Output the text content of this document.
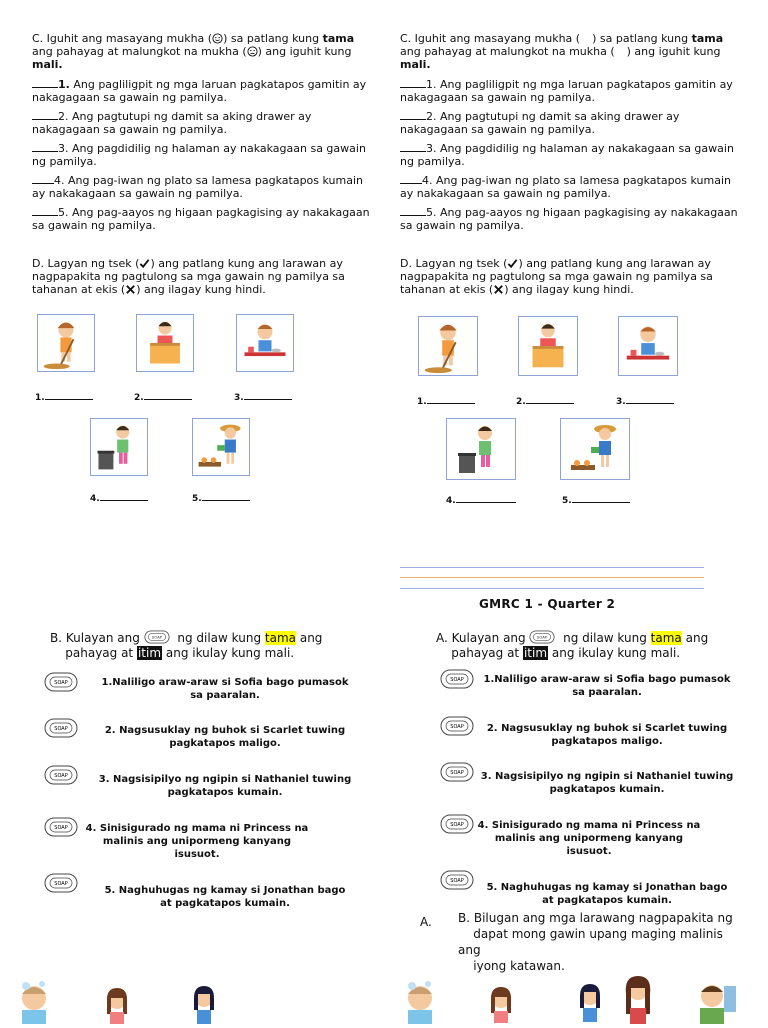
C. Iguhit ang masayang mukha ( ) sa patlang kung tama
ang pahayag at malungkot na mukha ( ) ang iguhit kung
mali.

1. Ang pagliligpit ng mga laruan pagkatapos gamitin ay nakagagaan sa gawain ng pamilya.
2. Ang pagtutupi ng damit sa aking drawer ay nakagagaan sa gawain ng pamilya.
3. Ang pagdidilig ng halaman ay nakakagaan sa gawain ng pamilya.
4. Ang pag-iwan ng plato sa lamesa pagkatapos kumain ay nakakagaan sa gawain ng pamilya.
5. Ang pag-aayos ng higaan pagkagising ay nakakagaan sa gawain ng pamilya.

D. Lagyan ng tsek ( ) ang patlang kung ang larawan ay
nagpapakita ng pagtulong sa mga gawain ng pamilya sa
tahanan at ekis ( ) ang ilagay kung hindi.

1.	2.	3.
4.	5.
B. Kulayan ang	SOAP ng dilaw kung tama ang
pahayag at itim ang ikulay kung mali.
SOAP	1.Naliligo araw-araw si Sofia bago pumasok
sa paaralan.
SOAP	2. Nagsusuklay ng buhok si Scarlet tuwing
pagkatapos maligo.
SOAP	3. Nagsisipilyo ng ngipin si Nathaniel tuwing
pagkatapos kumain.
SOAP	4. Sinisigurado ng mama ni Princess na
malinis ang unipormeng kanyang
isusuot.
SOAP
5. Naghuhugas ng kamay si Jonathan bago
at pagkatapos kumain.

C. Iguhit ang masayang mukha ( ) sa patlang kung tama
ang pahayag at malungkot na mukha ( ) ang iguhit kung
mali.

1. Ang pagliligpit ng mga laruan pagkatapos gamitin ay nakagagaan sa gawain ng pamilya.
2. Ang pagtutupi ng damit sa aking drawer ay nakagagaan sa gawain ng pamilya.
3. Ang pagdidilig ng halaman ay nakakagaan sa gawain ng pamilya.
4. Ang pag-iwan ng plato sa lamesa pagkatapos kumain ay nakakagaan sa gawain ng pamilya.
5. Ang pag-aayos ng higaan pagkagising ay nakakagaan sa gawain ng pamilya.

D. Lagyan ng tsek ( ) ang patlang kung ang larawan ay
nagpapakita ng pagtulong sa mga gawain ng pamilya sa
tahanan at ekis ( ) ang ilagay kung hindi.

1.	2.	3.
4.	5.
GMRC 1 - Quarter 2
A. Kulayan ang	SOAP ng dilaw kung tama ang
pahayag at itim ang ikulay kung mali.
SOAP	1.Naliligo araw-araw si Sofia bago pumasok
sa paaralan.
SOAP	2. Nagsusuklay ng buhok si Scarlet tuwing
pagkatapos maligo.
SOAP	3. Nagsisipilyo ng ngipin si Nathaniel tuwing
pagkatapos kumain.
SOAP	4. Sinisigurado ng mama ni Princess na
malinis ang unipormeng kanyang
isusuot.
SOAP
5. Naghuhugas ng kamay si Jonathan bago
at pagkatapos kumain.
A. B. Bilugan ang mga larawang nagpapakita ng
dapat mong gawin upang maging malinis ang
iyong katawan.
